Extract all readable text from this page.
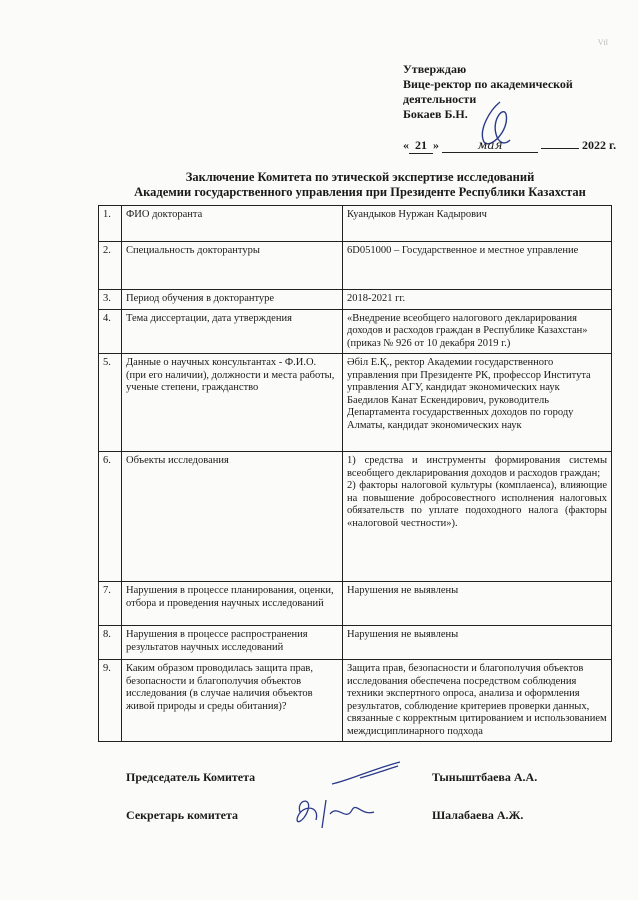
Vtl
Утверждаю
Вице-ректор по академической
деятельности
Бокаев Б.Н.
« 21 »	мая	2022 г.
Заключение Комитета по этической экспертизе исследований
Академии государственного управления при Президенте Республики Казахстан
1.	ФИО докторанта	Куандыков Нуржан Кадырович

2.	Специальность докторантуры	6D051000 – Государственное и местное управление

3.	Период обучения в докторантуре	2018-2021 гг.

4.	Тема диссертации, дата утверждения	«Внедрение всеобщего налогового декларирования доходов и расходов граждан в Республике Казахстан» (приказ № 926 от 10 декабря 2019 г.)

5.	Данные о научных консультантах - Ф.И.О. (при его наличии), должности и места работы, ученые степени, гражданство	Әбіл Е.Қ., ректор Академии государственного управления при Президенте РК, профессор Института управления АГУ, кандидат экономических наук
Баедилов Канат Ескендирович, руководитель Департамента государственных доходов по городу Алматы, кандидат экономических наук

6.	Объекты исследования	1) средства и инструменты формирования системы всеобщего декларирования доходов и расходов граждан;
2) факторы налоговой культуры (комплаенса), влияющие на повышение добросовестного исполнения налоговых обязательств по уплате подоходного налога (факторы «налоговой честности»).

7.	Нарушения в процессе планирования, оценки, отбора и проведения научных исследований	Нарушения не выявлены

8.	Нарушения в процессе распространения результатов научных исследований	Нарушения не выявлены

9.	Каким образом проводилась защита прав, безопасности и благополучия объектов исследования (в случае наличия объектов живой природы и среды обитания)?	Защита прав, безопасности и благополучия объектов исследования обеспечена посредством соблюдения техники экспертного опроса, анализа и оформления результатов, соблюдение критериев проверки данных, связанные с корректным цитированием и использованием междисциплинарного подхода
Председатель Комитета	Тыныштбаева А.А.
Секретарь комитета	Шалабаева А.Ж.
